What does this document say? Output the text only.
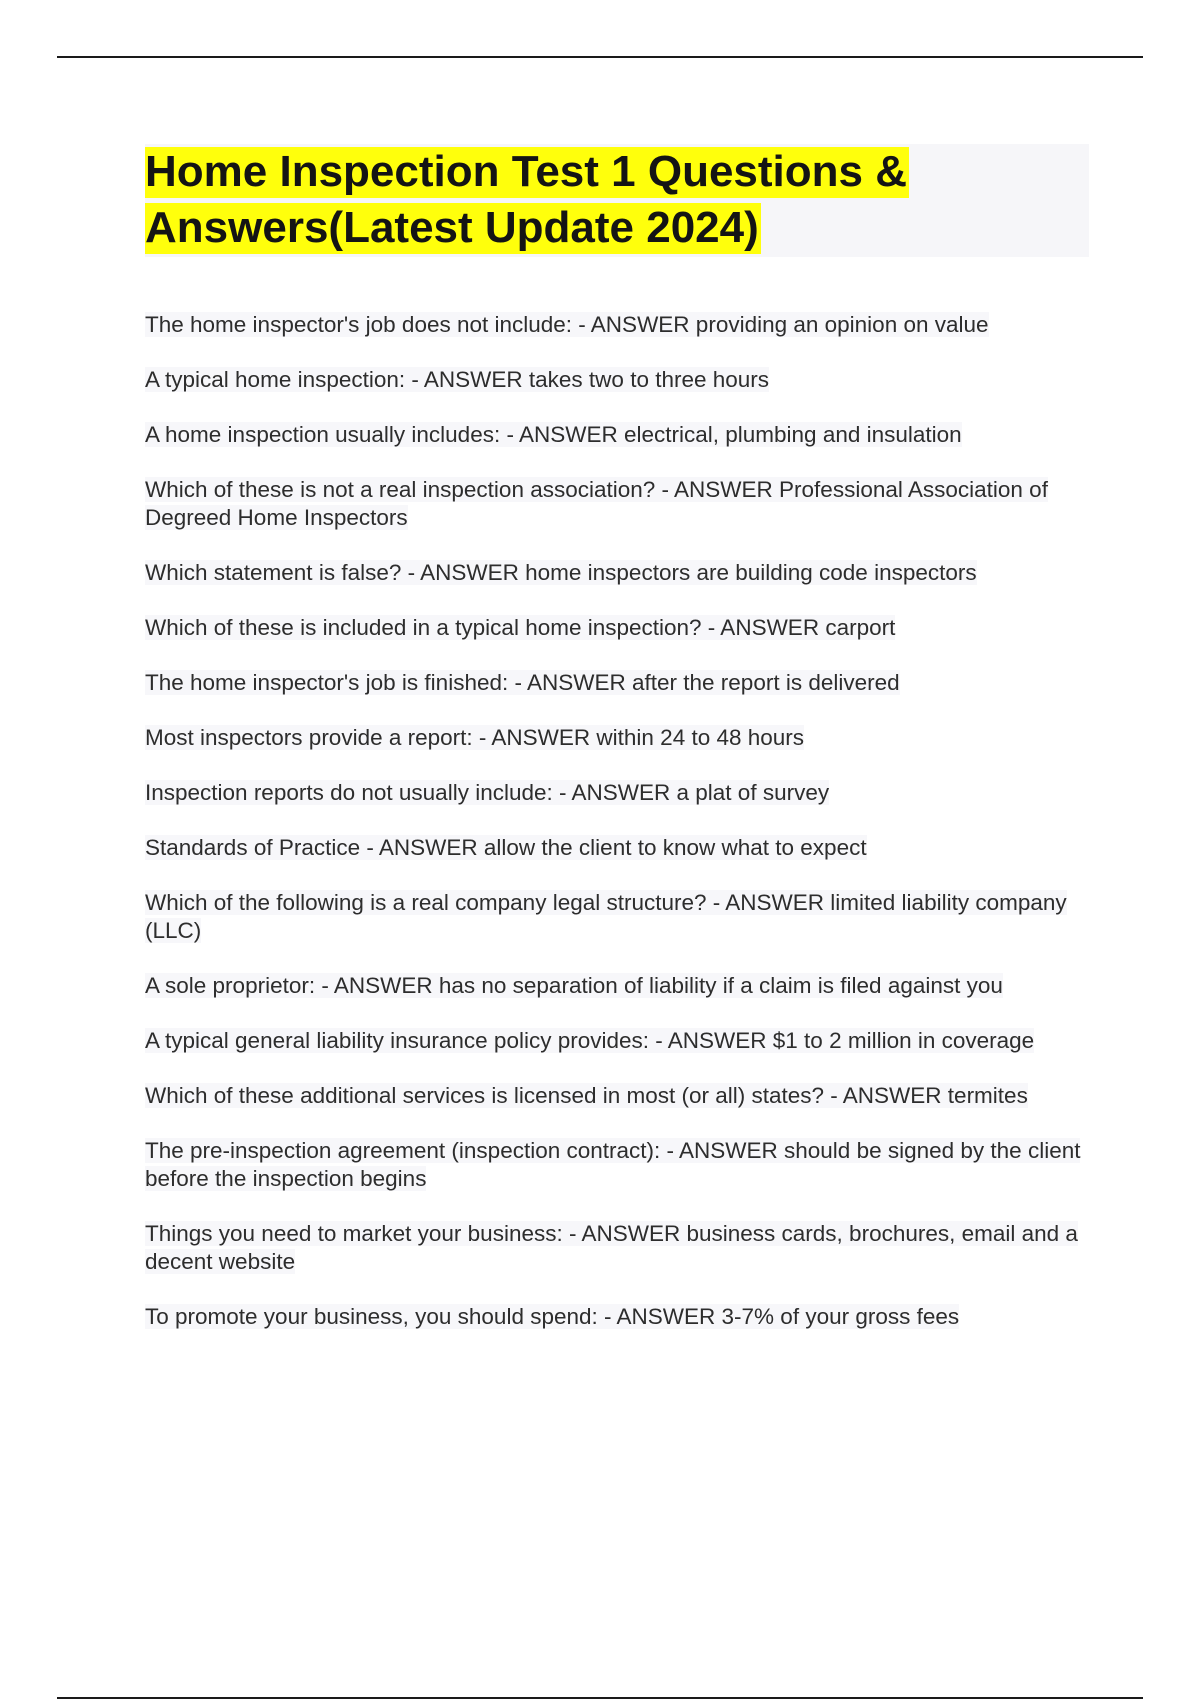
Home Inspection Test 1 Questions & Answers(Latest Update 2024)
The home inspector's job does not include: - ANSWER providing an opinion on value
A typical home inspection: - ANSWER takes two to three hours
A home inspection usually includes: - ANSWER electrical, plumbing and insulation
Which of these is not a real inspection association? - ANSWER Professional Association of Degreed Home Inspectors
Which statement is false? - ANSWER home inspectors are building code inspectors
Which of these is included in a typical home inspection? - ANSWER carport
The home inspector's job is finished: - ANSWER after the report is delivered
Most inspectors provide a report: - ANSWER within 24 to 48 hours
Inspection reports do not usually include: - ANSWER a plat of survey
Standards of Practice - ANSWER allow the client to know what to expect
Which of the following is a real company legal structure? - ANSWER limited liability company (LLC)
A sole proprietor: - ANSWER has no separation of liability if a claim is filed against you
A typical general liability insurance policy provides: - ANSWER $1 to 2 million in coverage
Which of these additional services is licensed in most (or all) states? - ANSWER termites
The pre-inspection agreement (inspection contract): - ANSWER should be signed by the client before the inspection begins
Things you need to market your business: - ANSWER business cards, brochures, email and a decent website
To promote your business, you should spend: - ANSWER 3-7% of your gross fees
